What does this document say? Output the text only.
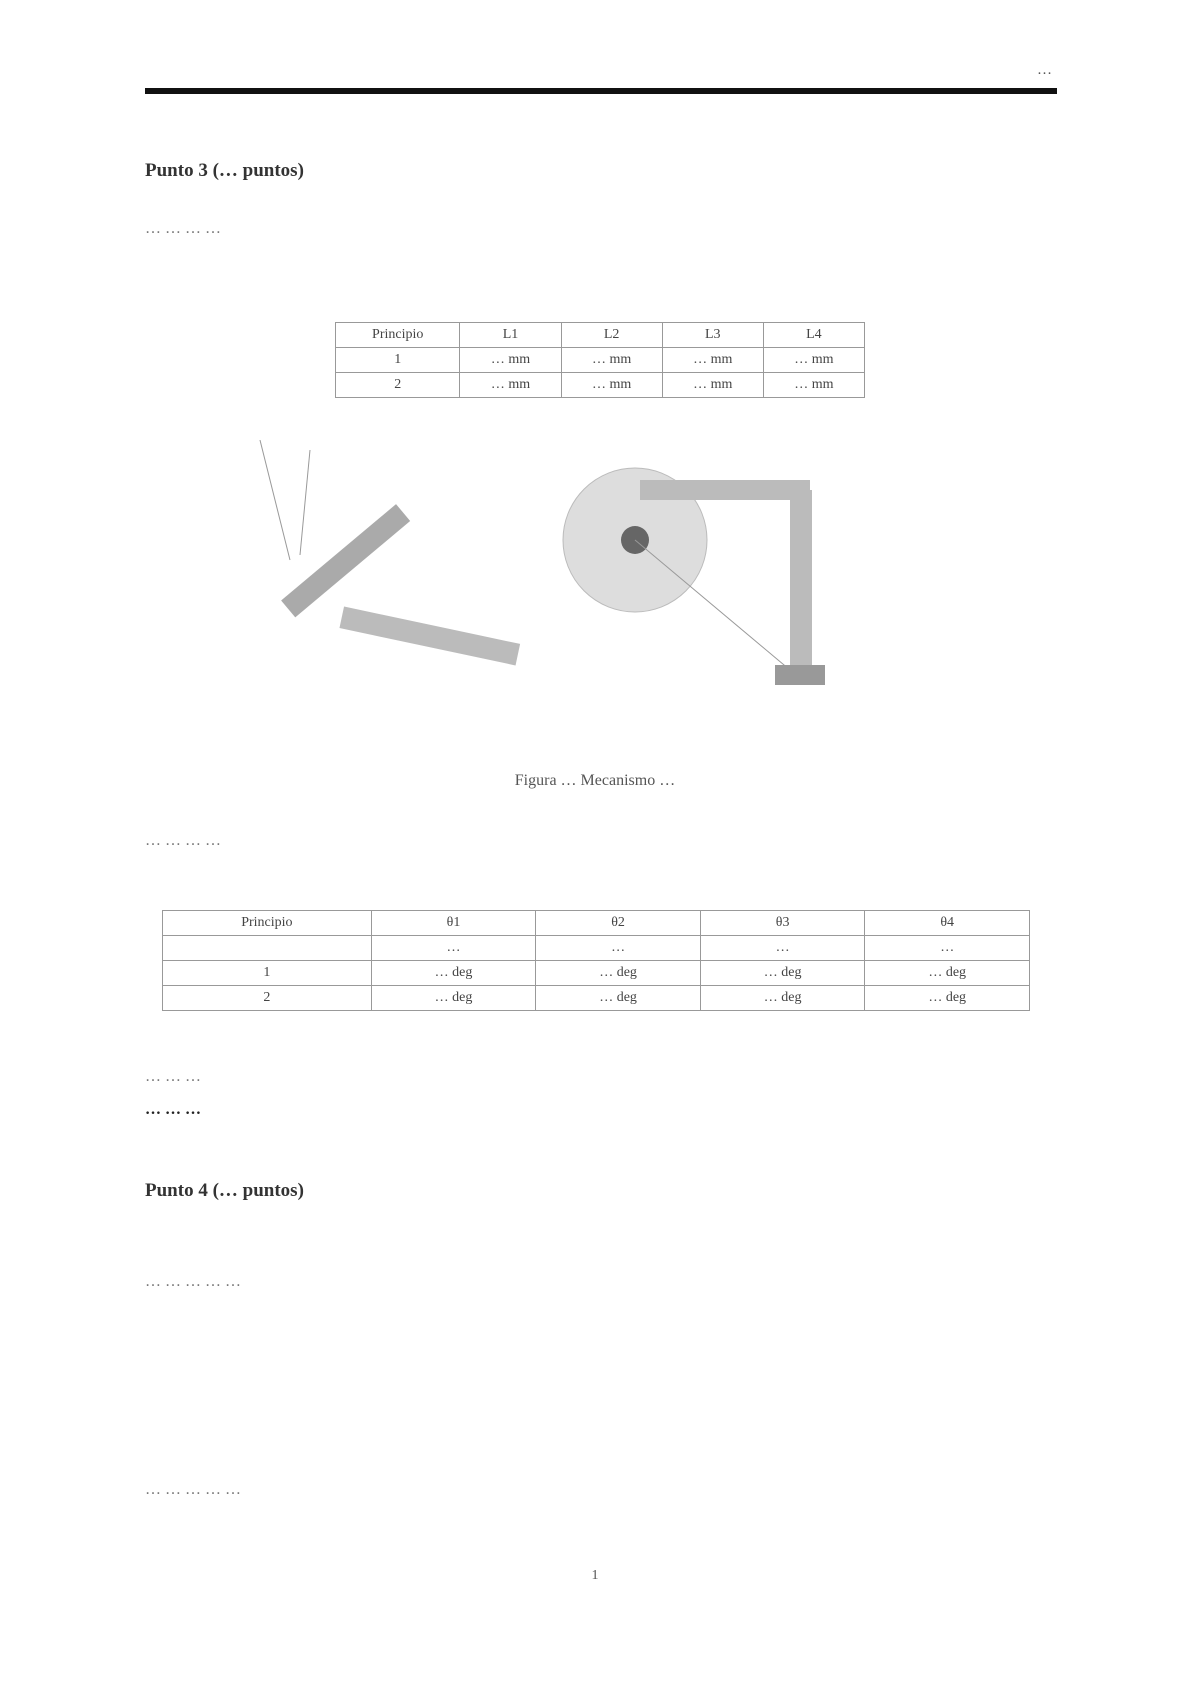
…
Punto 3 (… puntos)
… … … …
Principio	L1	L2	L3	L4
1	… mm	… mm	… mm	… mm
2	… mm	… mm	… mm	… mm
Figura … Mecanismo …
… … … …
Principio	θ1	θ2	θ3	θ4
	…	…	…	…
1	… deg	… deg	… deg	… deg
2	… deg	… deg	… deg	… deg
… … …
… … …
Punto 4 (… puntos)
… … … … …
… … … … …
1
